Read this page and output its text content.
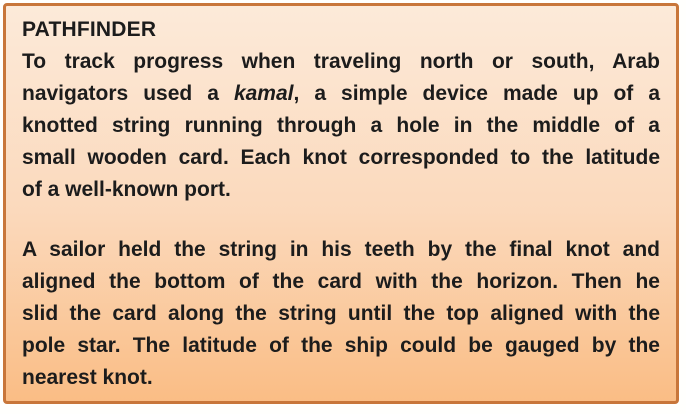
PATHFINDER
To track progress when traveling north or south, Arab
navigators used a kamal, a simple device made up of a
knotted string running through a hole in the middle of a
small wooden card. Each knot corresponded to the latitude
of a well-known port.
A sailor held the string in his teeth by the final knot and
aligned the bottom of the card with the horizon. Then he
slid the card along the string until the top aligned with the
pole star. The latitude of the ship could be gauged by the
nearest knot.
